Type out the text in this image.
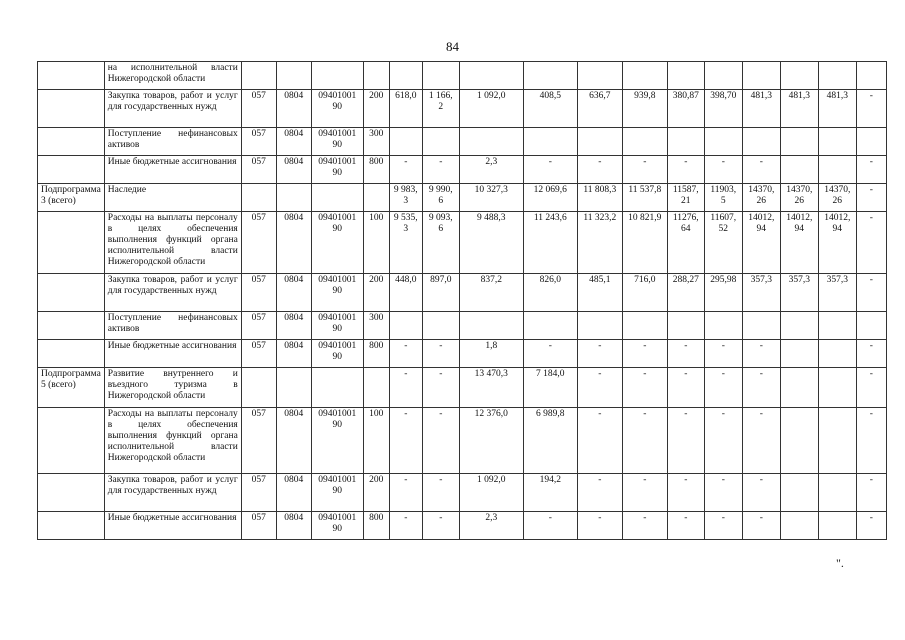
84
	на исполнительной власти Нижегородской области																
	Закупка товаров, работ и услуг для государственных нужд	057	0804	09401001 90	200	618,0	1 166, 2	1 092,0	408,5	636,7	939,8	380,87	398,70	481,3	481,3	481,3	-
	Поступление нефинансовых активов	057	0804	09401001 90	300												
	Иные бюджетные ассигнования	057	0804	09401001 90	800	-	-	2,3	-	-	-	-	-	-			-
Подпрограмма 3 (всего)	Наследие					9 983, 3	9 990, 6	10 327,3	12 069,6	11 808,3	11 537,8	11587, 21	11903, 5	14370, 26	14370, 26	14370, 26	-
	Расходы на выплаты персоналу в целях обеспечения выполнения функций органа исполнительной власти Нижегородской области	057	0804	09401001 90	100	9 535, 3	9 093, 6	9 488,3	11 243,6	11 323,2	10 821,9	11276, 64	11607, 52	14012, 94	14012, 94	14012, 94	-
	Закупка товаров, работ и услуг для государственных нужд	057	0804	09401001 90	200	448,0	897,0	837,2	826,0	485,1	716,0	288,27	295,98	357,3	357,3	357,3	-
	Поступление нефинансовых активов	057	0804	09401001 90	300												
	Иные бюджетные ассигнования	057	0804	09401001 90	800	-	-	1,8	-	-	-	-	-	-			-
Подпрограмма 5 (всего)	Развитие внутреннего и въездного туризма в Нижегородской области					-	-	13 470,3	7 184,0	-	-	-	-	-			-
	Расходы на выплаты персоналу в целях обеспечения выполнения функций органа исполнительной власти Нижегородской области	057	0804	09401001 90	100	-	-	12 376,0	6 989,8	-	-	-	-	-			-
	Закупка товаров, работ и услуг для государственных нужд	057	0804	09401001 90	200	-	-	1 092,0	194,2	-	-	-	-	-			-
	Иные бюджетные ассигнования	057	0804	09401001 90	800	-	-	2,3	-	-	-	-	-	-			-
".
